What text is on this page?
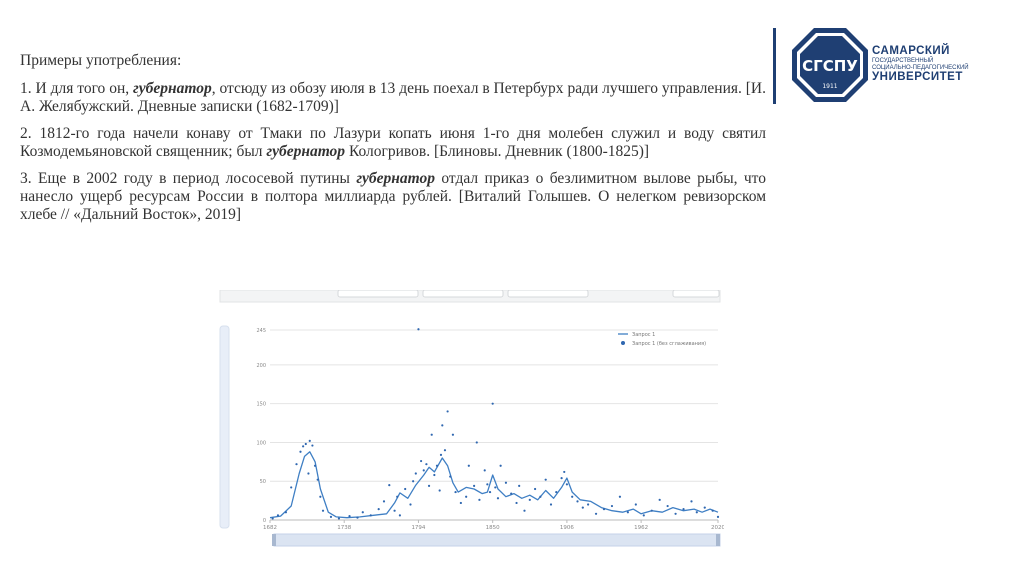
Примеры употребления:

1. И для того он, губернатор, отсюду из обозу июля в 13 день поехал в Петербурх ради лучшего управления. [И. А. Желябужский. Дневные записки (1682-1709)]

2. 1812-го года начели конаву от Тмаки по Лазури копать июня 1-го дня молебен служил и воду святил Козмодемьяновской священник; был губернатор Кологривов. [Блиновы. Дневник (1800-1825)]

3. Еще в 2002 году в период лососевой путины губернатор отдал приказ о безлимитном вылове рыбы, что нанесло ущерб ресурсам России в полтора миллиарда рублей. [Виталий Голышев. О нелегком ревизорском хлебе // «Дальний Восток», 2019]

СГСПУ
1911
САМАРСКИЙ
ГОСУДАРСТВЕННЫЙ
СОЦИАЛЬНО-ПЕДАГОГИЧЕСКИЙ
УНИВЕРСИТЕТ
0
50
100
150
200
245
1682	1738	1794	1850	1906	1962	2020
Запрос 1
Запрос 1 (без сглаживания)
